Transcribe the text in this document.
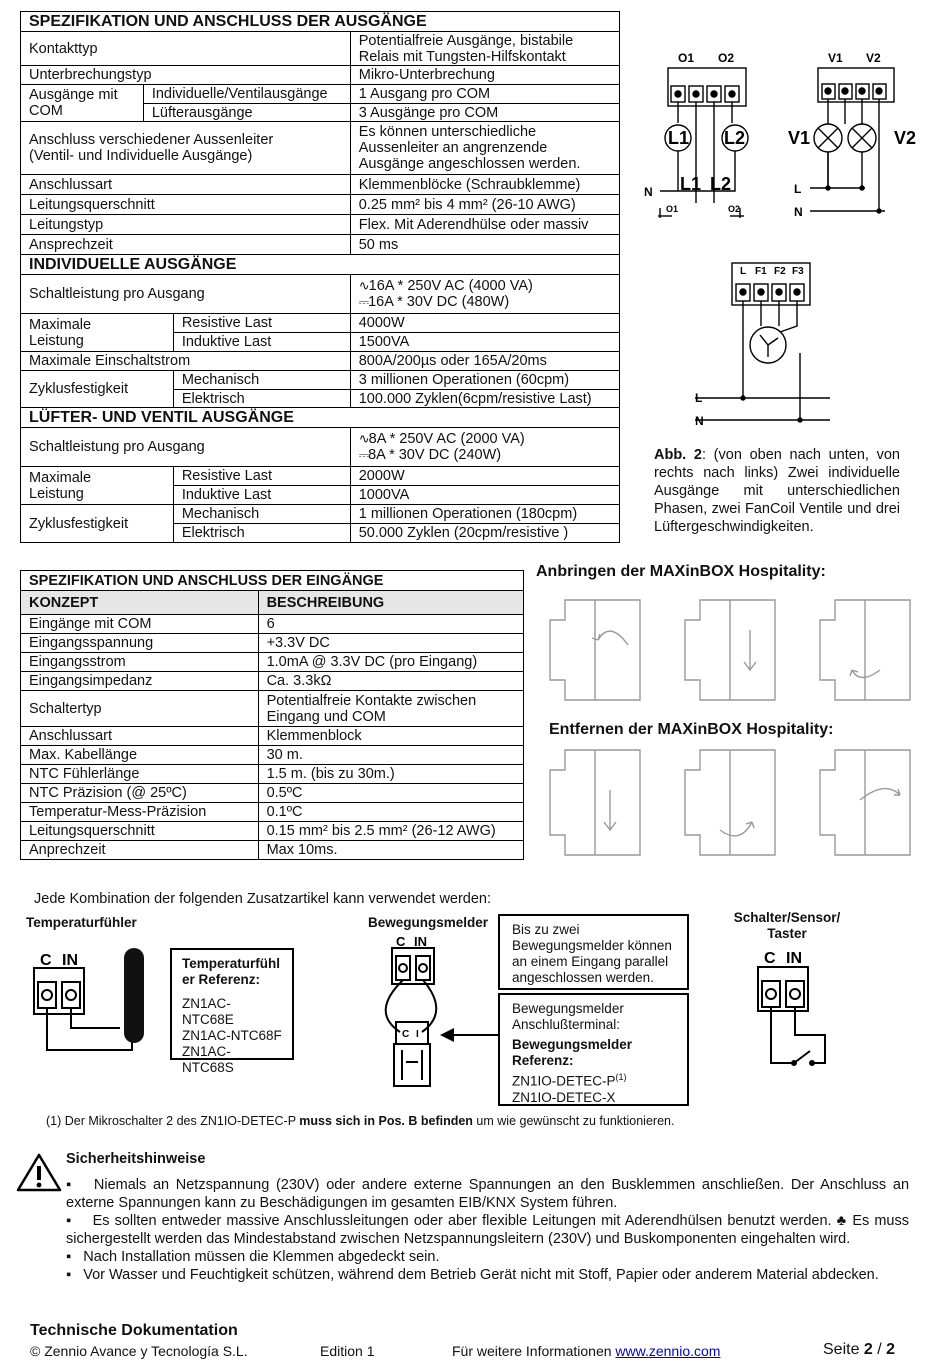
SPEZIFIKATION UND ANSCHLUSS DER AUSGÄNGE			
Kontakttyp			Potentialfreie Ausgänge, bistabile
Relais mit Tungsten-Hilfskontakt
Unterbrechungstyp			Mikro-Unterbrechung
Ausgänge mit
COM	Individuelle/Ventilausgänge		1 Ausgang pro COM
	Lüfterausgänge		3 Ausgänge pro COM
Anschluss verschiedener Aussenleiter
(Ventil- und Individuelle Ausgänge)			Es können unterschiedliche
Aussenleiter an angrenzende
Ausgänge angeschlossen werden.
Anschlussart			Klemmenblöcke (Schraubklemme)
Leitungsquerschnitt			0.25 mm² bis 4 mm² (26-10 AWG)
Leitungstyp			Flex. Mit Aderendhülse oder massiv
Ansprechzeit			50 ms
INDIVIDUELLE AUSGÄNGE			
Schaltleistung pro Ausgang			∿16A * 250V AC (4000 VA)
⎓16A * 30V DC (480W)
Maximale
Leistung		Resistive Last	4000W
		Induktive Last	1500VA
Maximale Einschaltstrom			800A/200µs oder 165A/20ms
Zyklusfestigkeit		Mechanisch	3 millionen Operationen (60cpm)
		Elektrisch	100.000 Zyklen(6cpm/resistive Last)
LÜFTER- UND VENTIL AUSGÄNGE			
Schaltleistung pro Ausgang			∿8A * 250V AC (2000 VA)
⎓8A * 30V DC (240W)
Maximale
Leistung		Resistive Last	2000W
		Induktive Last	1000VA
Zyklusfestigkeit		Mechanisch	1 millionen Operationen (180cpm)
		Elektrisch	50.000 Zyklen (20cpm/resistive )
O1 O2	V1 V2
L F1 F2 F3
L1 L2
L1 L2
V1	V2
N
O1	O2
L
N
L
N
Abb. 2: (von oben nach unten, von rechts nach links) Zwei individuelle Ausgänge mit unterschiedlichen Phasen, zwei FanCoil Ventile und drei Lüftergeschwindigkeiten.
SPEZIFIKATION UND ANSCHLUSS DER EINGÄNGE	
KONZEPT	BESCHREIBUNG
Eingänge mit COM	6
Eingangsspannung	+3.3V DC
Eingangsstrom	1.0mA @ 3.3V DC (pro Eingang)
Eingangsimpedanz	Ca. 3.3kΩ
Schaltertyp	Potentialfreie Kontakte zwischen
Eingang und COM
Anschlussart	Klemmenblock
Max. Kabellänge	30 m.
NTC Fühlerlänge	1.5 m. (bis zu 30m.)
NTC Präzision (@ 25ºC)	0.5ºC
Temperatur-Mess-Präzision	0.1ºC
Leitungsquerschnitt	0.15 mm² bis 2.5 mm² (26-12 AWG)
Anprechzeit	Max 10ms.
Anbringen der MAXinBOX Hospitality:
Entfernen der MAXinBOX Hospitality:
Jede Kombination der folgenden Zusatzartikel kann verwendet werden:
Temperaturfühler
C IN	Temperaturfühl
er Referenz:
ZN1AC-NTC68E
ZN1AC-NTC68F
ZN1AC-NTC68S
Bewegungsmelder
C IN
C I
Bis zu zwei
Bewegungsmelder können
an einem Eingang parallel
angeschlossen werden.
Bewegungsmelder
Anschlußterminal:
Bewegungsmelder
Referenz:
$ZN1IO-DETEC-P^{(1)}$
ZN1IO-DETEC-X
Schalter/Sensor/
Taster
C IN
(1) Der Mikroschalter 2 des ZN1IO-DETEC-P muss sich in Pos. B befinden um wie gewünscht zu funktionieren.
Sicherheitshinweise

▪   Niemals an Netzspannung (230V) oder andere externe Spannungen an den Busklemmen anschließen. Der Anschluss an externe Spannungen kann zu Beschädigungen im gesamten EIB/KNX System führen.

▪    Es sollten entweder massive Anschlussleitungen oder aber flexible Leitungen mit Aderendhülsen benutzt werden. ♣ Es muss sichergestellt werden das Mindestabstand zwischen Netzspannungsleitern (230V) und Buskomponenten eingehalten wird.

▪   Nach Installation müssen die Klemmen abgedeckt sein.

▪   Vor Wasser und Feuchtigkeit schützen, während dem Betrieb Gerät nicht mit Stoff, Papier oder anderem Material abdecken.

Technische Dokumentation
© Zennio Avance y Tecnología S.L.	Edition 1	Für weitere Informationen www.zennio.com	Seite 2 / 2
